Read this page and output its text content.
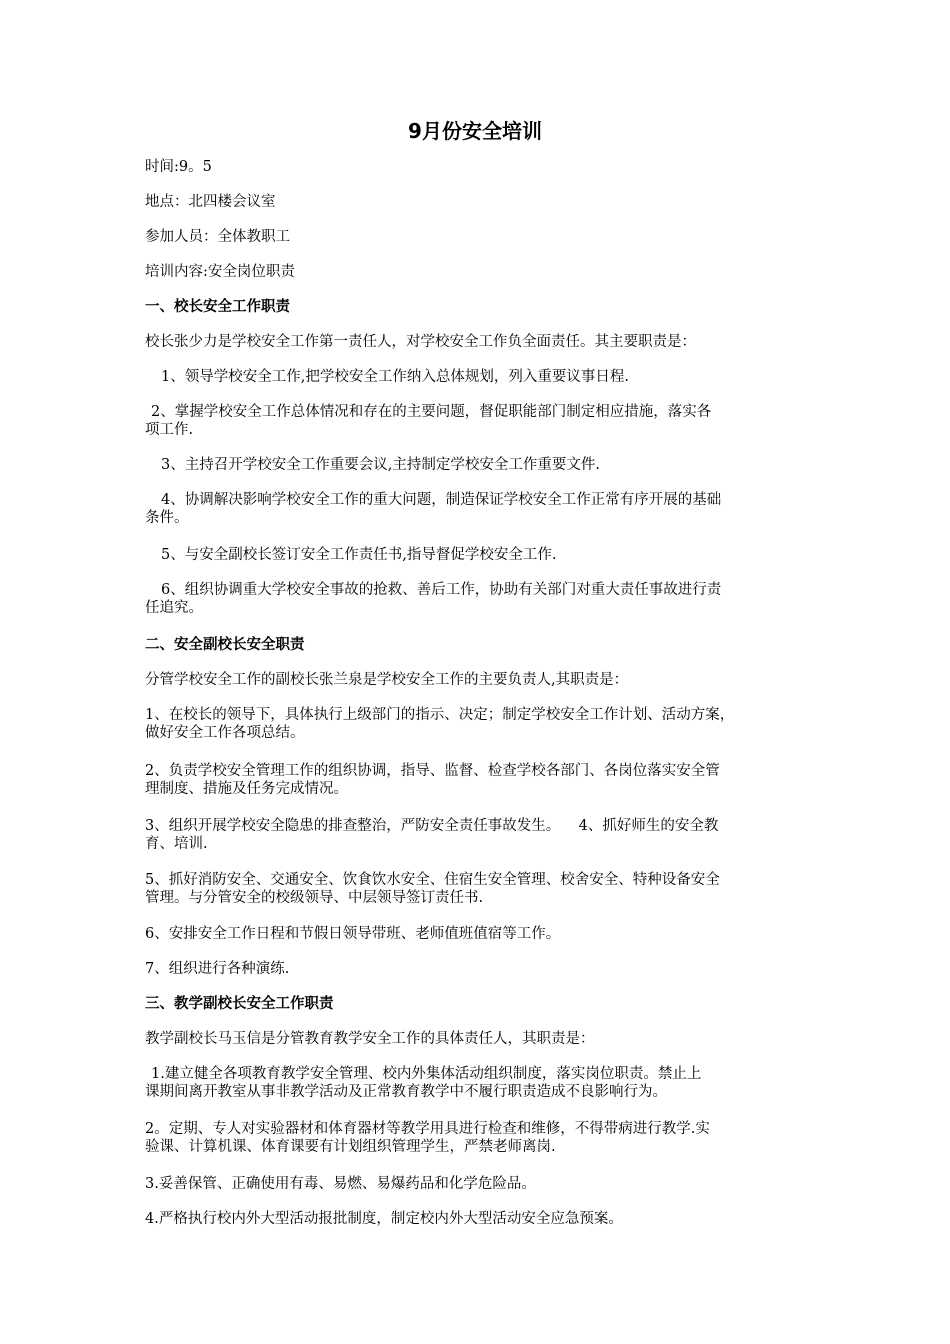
9月份安全培训
时间:9。5
地点：北四楼会议室
参加人员：全体教职工
培训内容:安全岗位职责
一、校长安全工作职责
校长张少力是学校安全工作第一责任人，对学校安全工作负全面责任。其主要职责是：
1、领导学校安全工作,把学校安全工作纳入总体规划，列入重要议事日程.
2、掌握学校安全工作总体情况和存在的主要问题，督促职能部门制定相应措施，落实各
项工作.
3、主持召开学校安全工作重要会议,主持制定学校安全工作重要文件.
4、协调解决影响学校安全工作的重大问题，制造保证学校安全工作正常有序开展的基础
条件。
5、与安全副校长签订安全工作责任书,指导督促学校安全工作.
6、组织协调重大学校安全事故的抢救、善后工作，协助有关部门对重大责任事故进行责
任追究。
二、安全副校长安全职责
分管学校安全工作的副校长张兰泉是学校安全工作的主要负责人,其职责是：
1、在校长的领导下，具体执行上级部门的指示、决定；制定学校安全工作计划、活动方案，
做好安全工作各项总结。
2、负责学校安全管理工作的组织协调，指导、监督、检查学校各部门、各岗位落实安全管
理制度、措施及任务完成情况。
3、组织开展学校安全隐患的排查整治，严防安全责任事故发生。    4、抓好师生的安全教
育、培训.
5、抓好消防安全、交通安全、饮食饮水安全、住宿生安全管理、校舍安全、特种设备安全
管理。与分管安全的校级领导、中层领导签订责任书.
6、安排安全工作日程和节假日领导带班、老师值班值宿等工作。
7、组织进行各种演练.
三、教学副校长安全工作职责
教学副校长马玉信是分管教育教学安全工作的具体责任人，其职责是：
1.建立健全各项教育教学安全管理、校内外集体活动组织制度，落实岗位职责。禁止上
课期间离开教室从事非教学活动及正常教育教学中不履行职责造成不良影响行为。
2。定期、专人对实验器材和体育器材等教学用具进行检查和维修，不得带病进行教学.实
验课、计算机课、体育课要有计划组织管理学生，严禁老师离岗.
3.妥善保管、正确使用有毒、易燃、易爆药品和化学危险品。
4.严格执行校内外大型活动报批制度，制定校内外大型活动安全应急预案。
